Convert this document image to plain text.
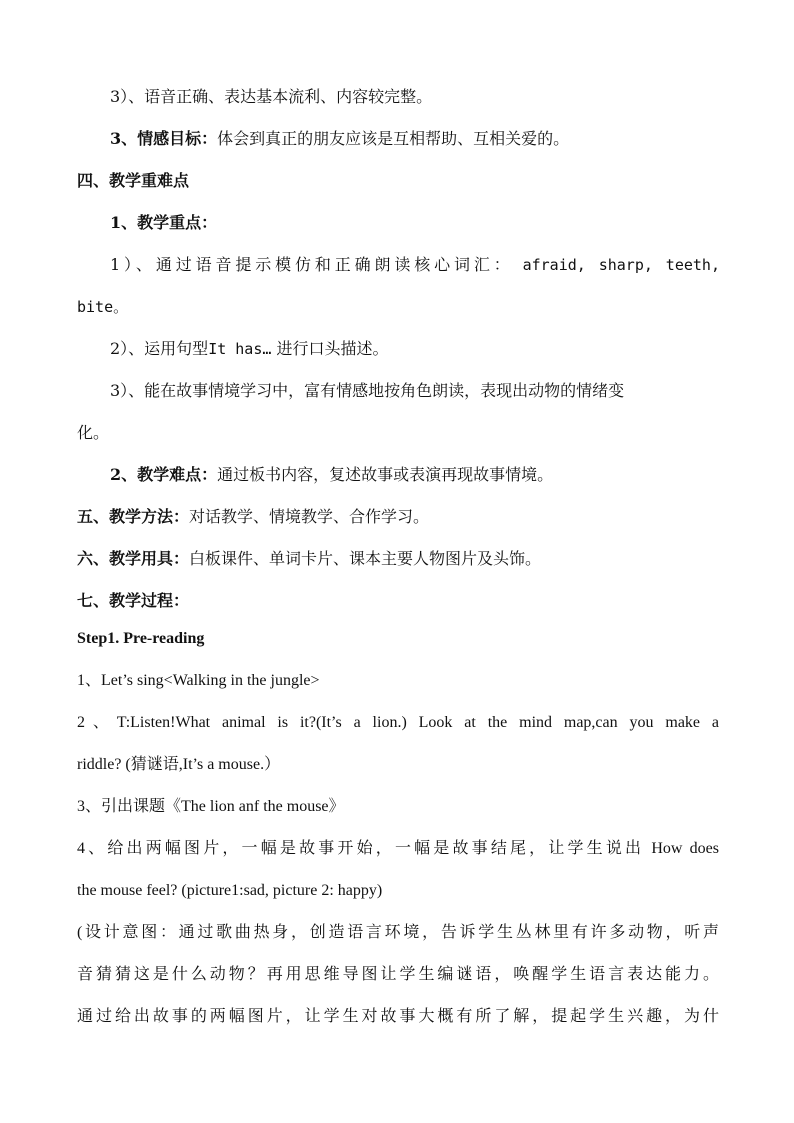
3）、语音正确、表达基本流利、内容较完整。
3、情感目标：体会到真正的朋友应该是互相帮助、互相关爱的。
四、教学重难点
1、教学重点：
1）、通过语音提示模仿和正确朗读核心词汇： afraid, sharp, teeth,
bite。
2）、运用句型It has… 进行口头描述。
3）、能在故事情境学习中，富有情感地按角色朗读，表现出动物的情绪变
化。
2、教学难点：通过板书内容，复述故事或表演再现故事情境。
五、教学方法：对话教学、情境教学、合作学习。
六、教学用具：白板课件、单词卡片、课本主要人物图片及头饰。
七、教学过程：
Step1. Pre-reading
1、Let’s sing<Walking in the jungle>
2、T:Listen!What animal is it?(It’s a lion.) Look at the mind map,can you make a
riddle? (猜谜语,It’s a mouse.）
3、引出课题《The lion anf the mouse》
4、给出两幅图片，一幅是故事开始，一幅是故事结尾，让学生说出 How does
the mouse feel? (picture1:sad, picture 2: happy)
(设计意图：通过歌曲热身，创造语言环境，告诉学生丛林里有许多动物，听声
音猜猜这是什么动物？再用思维导图让学生编谜语，唤醒学生语言表达能力。
通过给出故事的两幅图片，让学生对故事大概有所了解，提起学生兴趣，为什
